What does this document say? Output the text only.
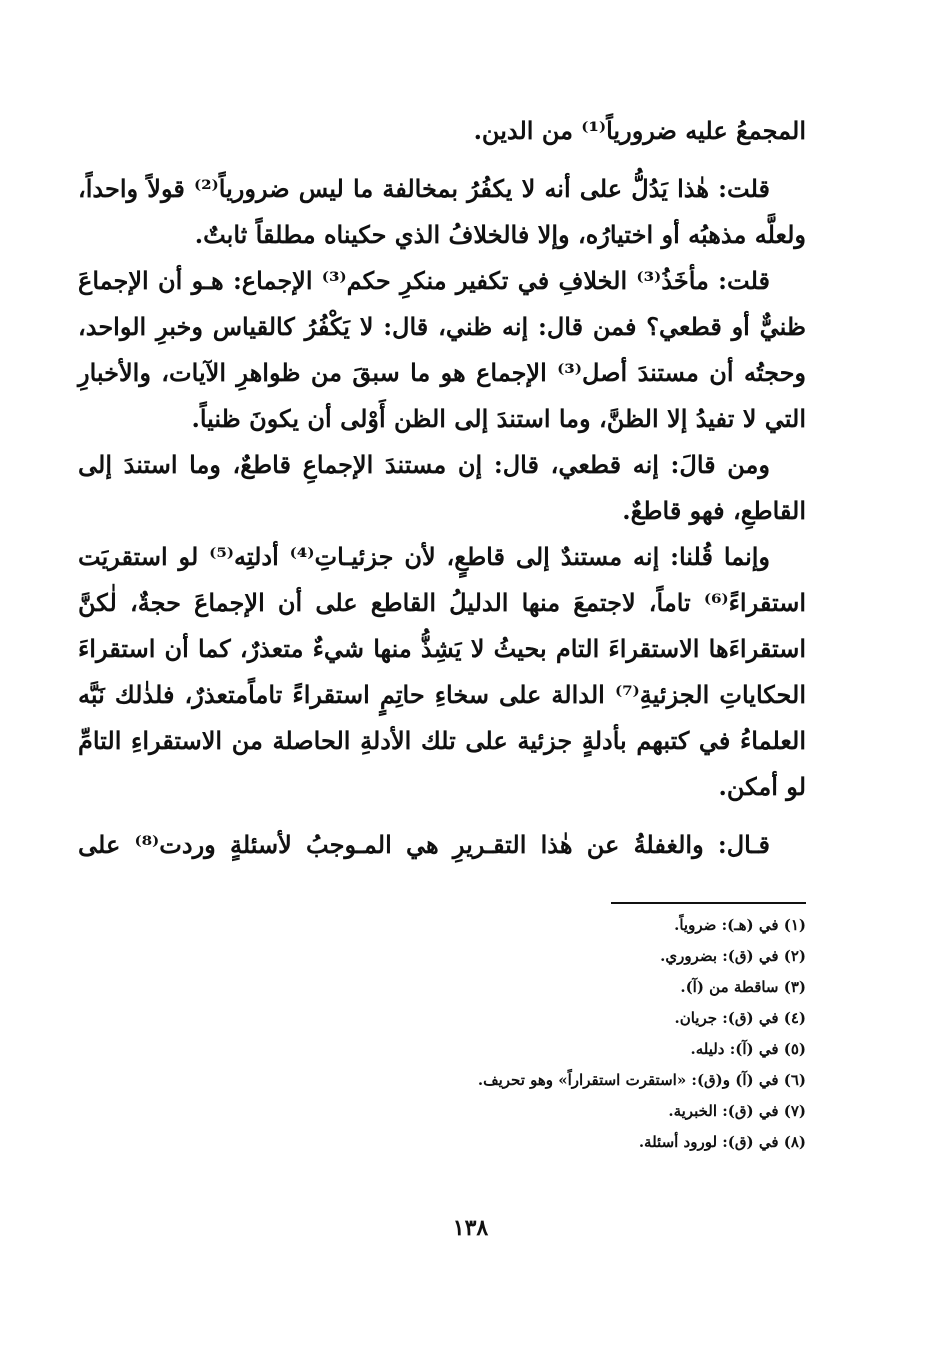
المجمعُ عليه ضرورياً⁽¹⁾ من الدين.

قلت: هٰذا يَدُلُّ على أنه لا يكفُرُ بمخالفة ما ليس ضرورياً⁽²⁾ قولاً واحداً، ولعلَّه مذهبُه أو اختيارُه، وإلا فالخلافُ الذي حكيناه مطلقاً ثابتٌ.

قلت: مأخَذُ⁽³⁾ الخلافِ في تكفير منكرِ حكم⁽³⁾ الإجماع: هـو أن الإجماعَ ظنيٌّ أو قطعي؟ فمن قال: إنه ظني، قال: لا يَكْفُرُ كالقياس وخبرِ الواحد، وحجتُه أن مستندَ أصل⁽³⁾ الإجماع هو ما سبقَ من ظواهرِ الآيات، والأخبارِ التي لا تفيدُ إلا الظنَّ، وما استندَ إلى الظن أَوْلى أن يكونَ ظنياً.

ومن قالَ: إنه قطعي، قال: إن مستندَ الإجماعِ قاطعٌ، وما استندَ إلى القاطعِ، فهو قاطعٌ.

وإنما قُلنا: إنه مستندٌ إلى قاطعٍ، لأن جزئيـاتِ⁽⁴⁾ أدلتِه⁽⁵⁾ لو استقريَت استقراءً⁽⁶⁾ تاماً، لاجتمعَ منها الدليلُ القاطع على أن الإجماعَ حجةٌ، لٰكنَّ استقراءَها الاستقراءَ التام بحيثُ لا يَشِذُّ منها شيءٌ متعذرٌ، كما أن استقراءَ الحكاياتِ الجزئيةِ⁽⁷⁾ الدالة على سخاءِ حاتِمٍ استقراءً تاماًمتعذرٌ، فلذٰلك نَبَّه العلماءُ في كتبهم بأدلةٍ جزئية على تلك الأدلةِ الحاصلة من الاستقراءِ التامِّ لو أمكن.

قـال: والغفلةُ عن هٰذا التقـريرِ هي المـوجبُ لأسئلةٍ وردت⁽⁸⁾ على

(١) في (هـ): ضروياً.
(٢) في (ق): بضروري.
(٣) ساقطة من (آ).
(٤) في (ق): جريان.
(٥) في (آ): دليله.
(٦) في (آ) و(ق): «استقرت استقراراً» وهو تحريف.
(٧) في (ق): الخبرية.
(٨) في (ق): لورود أسئلة.
١٣٨
